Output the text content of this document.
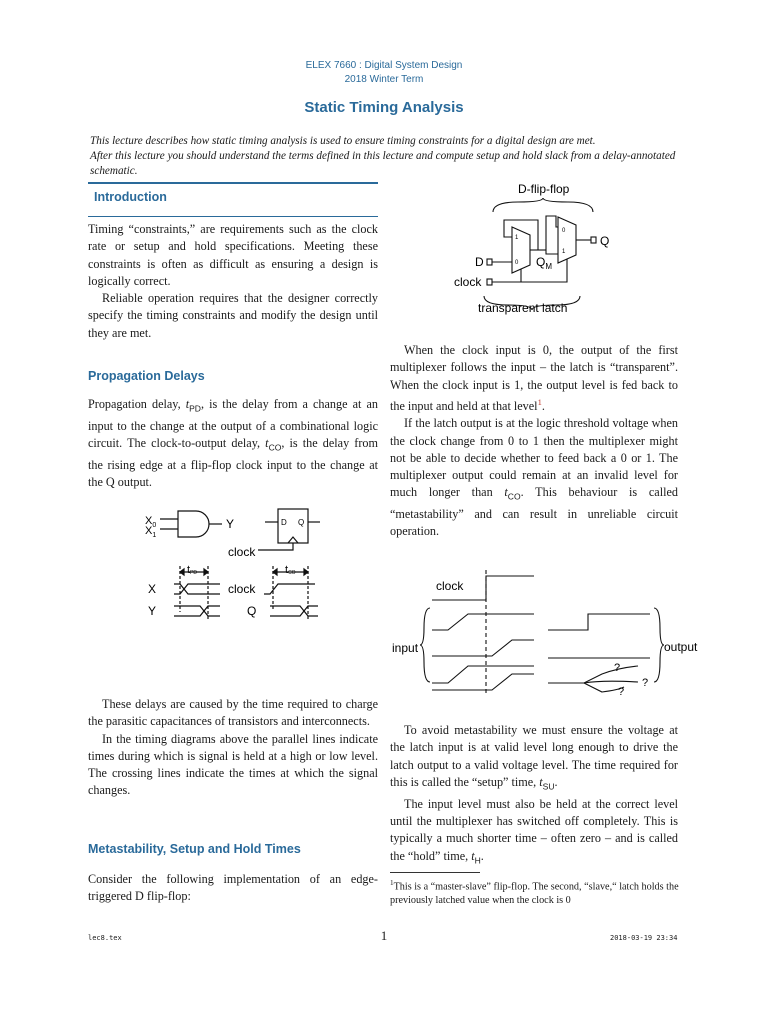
ELEX 7660 : Digital System Design
2018 Winter Term
Static Timing Analysis
This lecture describes how static timing analysis is used to ensure timing constraints for a digital design are met.
After this lecture you should understand the terms defined in this lecture and compute setup and hold slack from a delay-annotated schematic.
Introduction

Timing “constraints,” are requirements such as the clock rate or setup and hold specifications. Meeting these constraints is often as difficult as ensuring a design is logically correct.

Reliable operation requires that the designer correctly specify the timing constraints and modify the design until they are met.

Propagation Delays

Propagation delay, $t_{PD}$, is the delay from a change at an input to the change at the output of a combinational logic circuit. The clock-to-output delay, $t_{CO}$, is the delay from the rising edge at a flip-flop clock input to the change at the Q output.

$X_0$
$X_1$
Y	D Q
clock
tPD	tCO
X
Y
clock
Q

These delays are caused by the time required to charge the parasitic capacitances of transistors and interconnects.

In the timing diagrams above the parallel lines indicate times during which is signal is held at a high or low level. The crossing lines indicate the times at which the signal changes.

Metastability, Setup and Hold Times

Consider the following implementation of an edge-triggered D flip-flop:

D-flip-flop
1
0
0
1
D	$Q_M$
Q
clock
transparent latch

When the clock input is 0, the output of the first multiplexer follows the input – the latch is “transparent”. When the clock input is 1, the output level is fed back to the input and held at that level$^1$.

If the latch output is at the logic threshold voltage when the clock change from 0 to 1 then the multiplexer might not be able to decide whether to feed back a 0 or 1. The multiplexer output could remain at an invalid level for much longer than $t_{CO}$. This behaviour is called “metastability” and can result in unreliable circuit operation.

clock
input	output
?
?
?

To avoid metastability we must ensure the voltage at the latch input is at valid level long enough to drive the latch output to a valid voltage level. The time required for this is called the “setup” time, $t_{SU}$.

The input level must also be held at the correct level until the multiplexer has switched off completely. This is typically a much shorter time – often zero – and is called the “hold” time, $t_H$.

$^1$This is a “master-slave” flip-flop. The second, “slave,“ latch holds the previously latched value when the clock is 0
lec8.tex	1	2018-03-19 23:34
